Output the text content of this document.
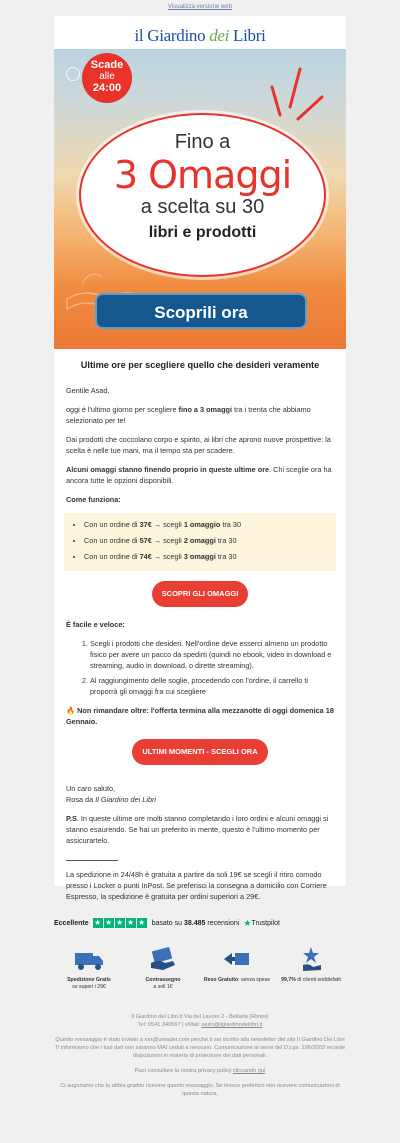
Visualizza versione web
il Giardino dei Libri
Scade
alle
24:00
Fino a
3 Omaggi
a scelta su 30
libri e prodotti
Scoprili ora
Ultime ore per scegliere quello che desideri veramente

Gentile Asad,

oggi è l'ultimo giorno per scegliere fino a 3 omaggi tra i trenta che abbiamo selezionato per te!

Dai prodotti che coccolano corpo e spirito, ai libri che aprono nuove prospettive: la scelta è nelle tue mani, ma il tempo sta per scadere.

Alcuni omaggi stanno finendo proprio in queste ultime ore. Chi sceglie ora ha ancora tutte le opzioni disponibili.

Come funziona:

• Con un ordine di 37€ → scegli 1 omaggio tra 30
• Con un ordine di 57€ → scegli 2 omaggi tra 30
• Con un ordine di 74€ → scegli 3 omaggi tra 30
SCOPRI GLI OMAGGI

È facile e veloce:

1. Scegli i prodotti che desideri. Nell'ordine deve esserci almeno un prodotto fisico per avere un pacco da spedirti (quindi no ebook, video in download e streaming, audio in download, o dirette streaming).
2. Al raggiungimento delle soglie, procedendo con l'ordine, il carrello ti proporrà gli omaggi fra cui scegliere

🔥 Non rimandare oltre: l'offerta termina alla mezzanotte di oggi domenica 18 Gennaio.

ULTIMI MOMENTI - SCEGLI ORA

Un caro saluto,
Rosa da Il Giardino dei Libri

P.S. In queste ultime ore molti stanno completando i loro ordini e alcuni omaggi si stanno esaurendo. Se hai un preferito in mente, questo è l'ultimo momento per assicurartelo.

La spedizione in 24/48h è gratuita a partire da soli 19€ se scegli il ritiro comodo presso i Locker o punti InPost. Se preferisci la consegna a domicilio con Corriere Espresso, la spedizione è gratuita per ordini superiori a 29€.

Eccellente ★ ★ ★ ★ ★ basato su 38.485 recensioni ★ Trustpilot
Spedizione Gratis
se superi i 29€
Contrassegno
a soli 1€
Reso Gratuito: senza spese	99,7% di clienti soddisfatti

Il Giardino dei Libri.it Via del Lavoro 2 - Bellaria (Rimini)
Tel: 0541 340567 | eMail: aiuto@ilgiardinodeilibri.it

Questo messaggio è stato inviato a xxx@ureader.com perché ti sei iscritto alla newsletter del sito Il Giardino Dei Libri
Ti informiamo che i tuoi dati non saranno MAI ceduti a nessuno. Comunicazione ai sensi del D.Lgs. 196/2003 recante disposizioni in materia di protezione dei dati personali.

Puoi consultare la nostra privacy policy cliccando qui

Ci auguriamo che tu abbia gradito ricevere questo messaggio. Se invece preferisci non ricevere comunicazioni di questa natura,
